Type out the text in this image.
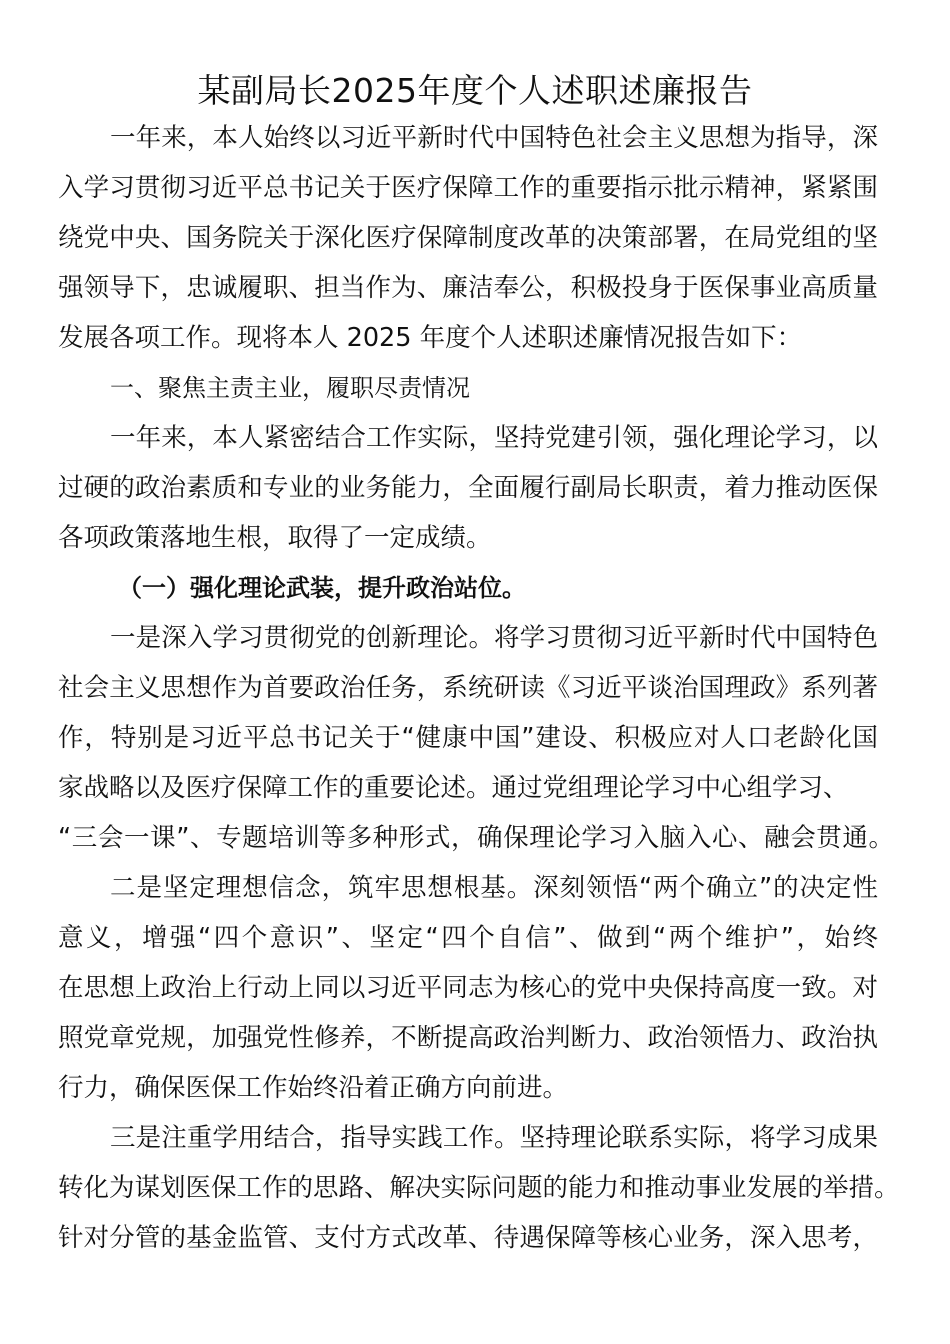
某副局长2025年度个人述职述廉报告
一年来，本人始终以习近平新时代中国特色社会主义思想为指导，深
入学习贯彻习近平总书记关于医疗保障工作的重要指示批示精神，紧紧围
绕党中央、国务院关于深化医疗保障制度改革的决策部署，在局党组的坚
强领导下，忠诚履职、担当作为、廉洁奉公，积极投身于医保事业高质量
发展各项工作。现将本人 2025 年度个人述职述廉情况报告如下：
一、聚焦主责主业，履职尽责情况
一年来，本人紧密结合工作实际，坚持党建引领，强化理论学习，以
过硬的政治素质和专业的业务能力，全面履行副局长职责，着力推动医保
各项政策落地生根，取得了一定成绩。
（一）强化理论武装，提升政治站位。
一是深入学习贯彻党的创新理论。将学习贯彻习近平新时代中国特色
社会主义思想作为首要政治任务，系统研读《习近平谈治国理政》系列著
作，特别是习近平总书记关于“健康中国”建设、积极应对人口老龄化国
家战略以及医疗保障工作的重要论述。通过党组理论学习中心组学习、
“三会一课”、专题培训等多种形式，确保理论学习入脑入心、融会贯通。
二是坚定理想信念，筑牢思想根基。深刻领悟“两个确立”的决定性
意义，增强“四个意识”、坚定“四个自信”、做到“两个维护”，始终
在思想上政治上行动上同以习近平同志为核心的党中央保持高度一致。对
照党章党规，加强党性修养，不断提高政治判断力、政治领悟力、政治执
行力，确保医保工作始终沿着正确方向前进。
三是注重学用结合，指导实践工作。坚持理论联系实际，将学习成果
转化为谋划医保工作的思路、解决实际问题的能力和推动事业发展的举措。
针对分管的基金监管、支付方式改革、待遇保障等核心业务，深入思考，
